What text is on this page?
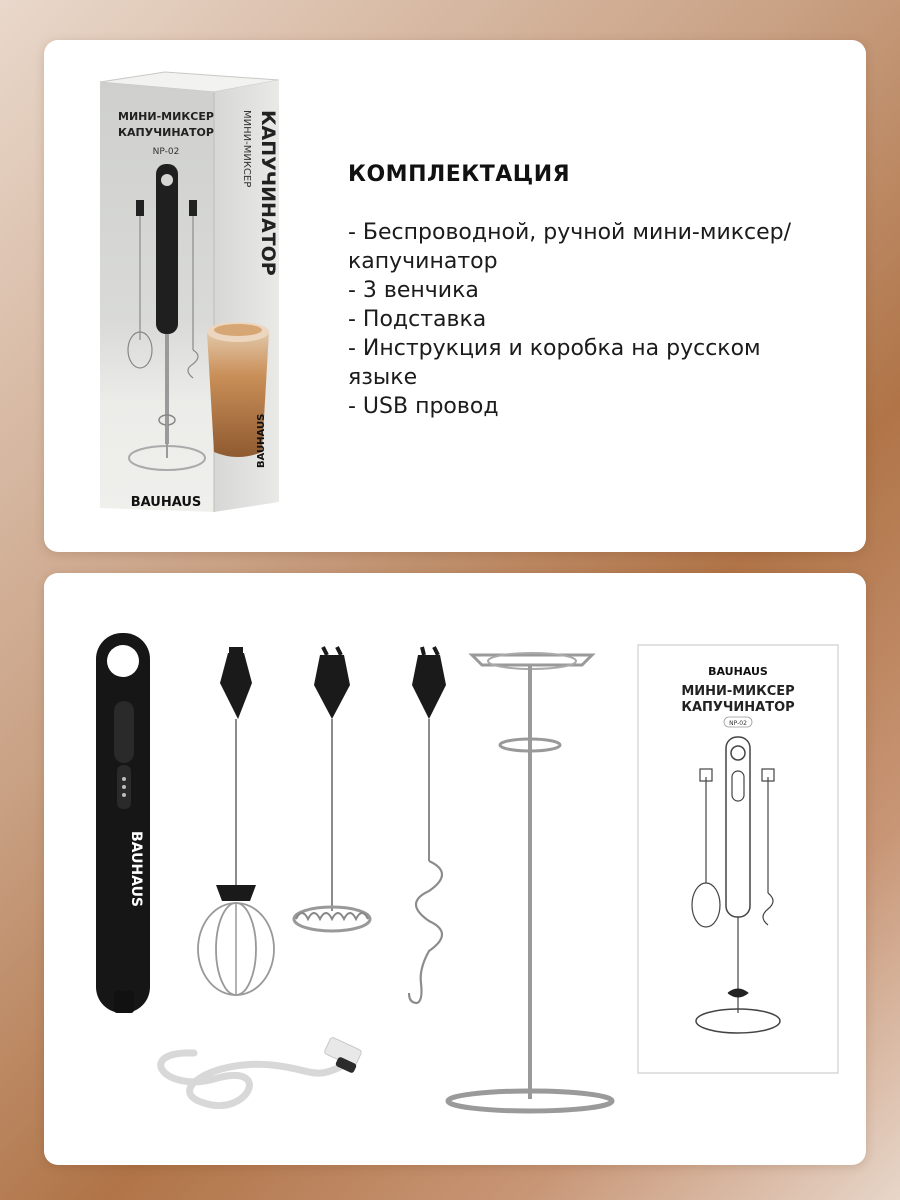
МИНИ-МИКСЕР
КАПУЧИНАТОР
NP-02
BAUHAUS
КАПУЧИНАТОР
МИНИ-МИКСЕР
BAUHAUS
КОМПЛЕКТАЦИЯ
- Беспроводной, ручной мини-миксер/
капучинатор
- 3 венчика
- Подставка
- Инструкция и коробка на русском
языке
- USB провод
BAUHAUS
BAUHAUS
МИНИ-МИКСЕР
КАПУЧИНАТОР
NP-02
